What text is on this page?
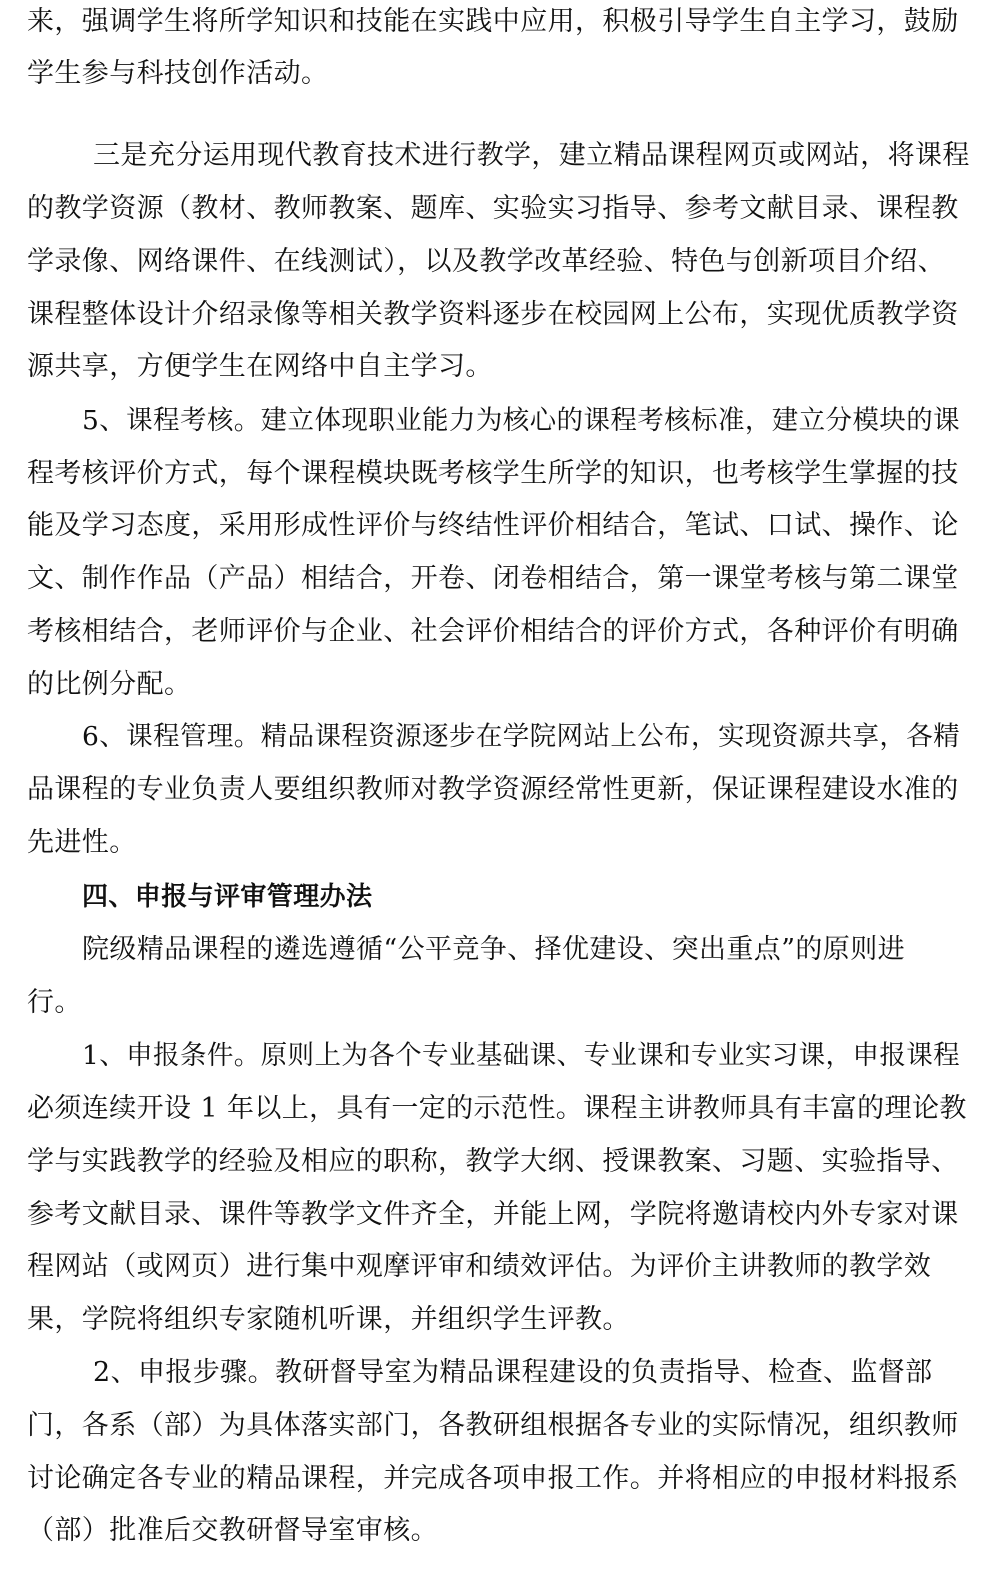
来，强调学生将所学知识和技能在实践中应用，积极引导学生自主学习，鼓励
学生参与科技创作活动。
三是充分运用现代教育技术进行教学，建立精品课程网页或网站，将课程
的教学资源（教材、教师教案、题库、实验实习指导、参考文献目录、课程教
学录像、网络课件、在线测试），以及教学改革经验、特色与创新项目介绍、
课程整体设计介绍录像等相关教学资料逐步在校园网上公布，实现优质教学资
源共享，方便学生在网络中自主学习。
5、课程考核。建立体现职业能力为核心的课程考核标准，建立分模块的课
程考核评价方式，每个课程模块既考核学生所学的知识，也考核学生掌握的技
能及学习态度，采用形成性评价与终结性评价相结合，笔试、口试、操作、论
文、制作作品（产品）相结合，开卷、闭卷相结合，第一课堂考核与第二课堂
考核相结合，老师评价与企业、社会评价相结合的评价方式，各种评价有明确
的比例分配。
6、课程管理。精品课程资源逐步在学院网站上公布，实现资源共享，各精
品课程的专业负责人要组织教师对教学资源经常性更新，保证课程建设水准的
先进性。
四、申报与评审管理办法
院级精品课程的遴选遵循“公平竞争、择优建设、突出重点”的原则进
行。
1、申报条件。原则上为各个专业基础课、专业课和专业实习课，申报课程
必须连续开设 1 年以上，具有一定的示范性。课程主讲教师具有丰富的理论教
学与实践教学的经验及相应的职称，教学大纲、授课教案、习题、实验指导、
参考文献目录、课件等教学文件齐全，并能上网，学院将邀请校内外专家对课
程网站（或网页）进行集中观摩评审和绩效评估。为评价主讲教师的教学效
果，学院将组织专家随机听课，并组织学生评教。
2、申报步骤。教研督导室为精品课程建设的负责指导、检查、监督部
门，各系（部）为具体落实部门，各教研组根据各专业的实际情况，组织教师
讨论确定各专业的精品课程，并完成各项申报工作。并将相应的申报材料报系
（部）批准后交教研督导室审核。
